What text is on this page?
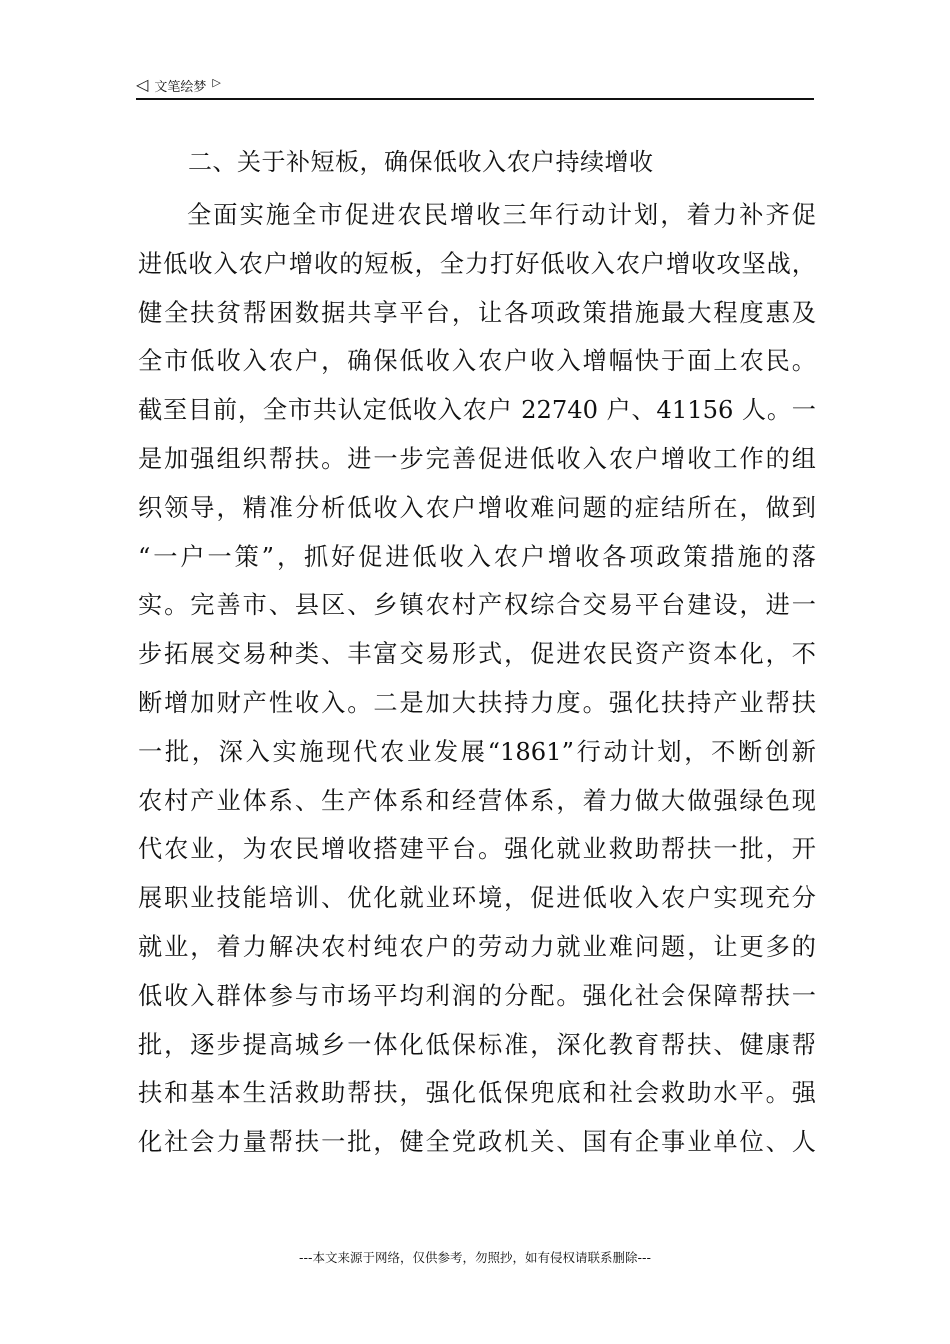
◁ 文笔绘梦 ▷
二、关于补短板，确保低收入农户持续增收
全面实施全市促进农民增收三年行动计划，着力补齐促
进低收入农户增收的短板，全力打好低收入农户增收攻坚战，
健全扶贫帮困数据共享平台，让各项政策措施最大程度惠及
全市低收入农户，确保低收入农户收入增幅快于面上农民。
截至目前，全市共认定低收入农户 22740 户、41156 人。一
是加强组织帮扶。进一步完善促进低收入农户增收工作的组
织领导，精准分析低收入农户增收难问题的症结所在，做到
“一户一策”，抓好促进低收入农户增收各项政策措施的落
实。完善市、县区、乡镇农村产权综合交易平台建设，进一
步拓展交易种类、丰富交易形式，促进农民资产资本化，不
断增加财产性收入。二是加大扶持力度。强化扶持产业帮扶
一批，深入实施现代农业发展“1861”行动计划，不断创新
农村产业体系、生产体系和经营体系，着力做大做强绿色现
代农业，为农民增收搭建平台。强化就业救助帮扶一批，开
展职业技能培训、优化就业环境，促进低收入农户实现充分
就业，着力解决农村纯农户的劳动力就业难问题，让更多的
低收入群体参与市场平均利润的分配。强化社会保障帮扶一
批，逐步提高城乡一体化低保标准，深化教育帮扶、健康帮
扶和基本生活救助帮扶，强化低保兜底和社会救助水平。强
化社会力量帮扶一批，健全党政机关、国有企事业单位、人
---本文来源于网络，仅供参考，勿照抄，如有侵权请联系删除---
